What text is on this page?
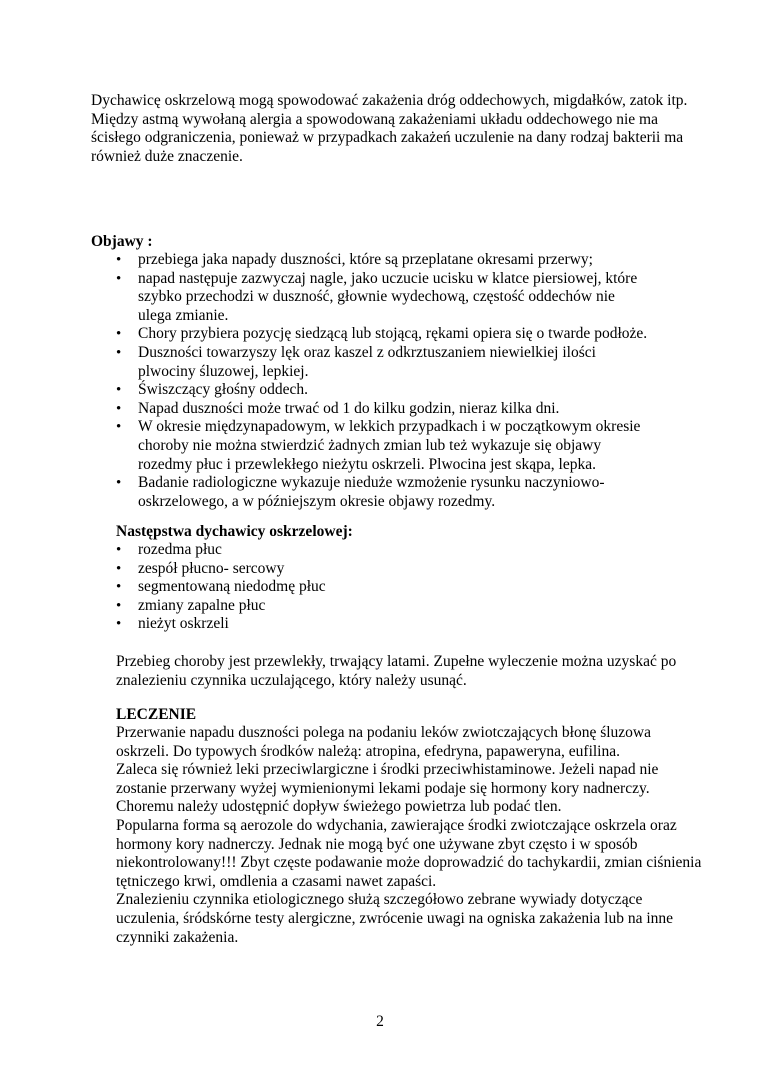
Dychawicę oskrzelową mogą spowodować zakażenia dróg oddechowych, migdałków, zatok itp.

Między astmą wywołaną alergia a spowodowaną zakażeniami układu oddechowego nie ma ścisłego odgraniczenia, ponieważ w przypadkach zakażeń uczulenie na dany rodzaj bakterii ma również duże znaczenie.

Objawy :
• przebiega jaka napady duszności, które są przeplatane okresami przerwy;
• napad następuje zazwyczaj nagle, jako uczucie ucisku w klatce piersiowej, które szybko przechodzi w duszność, głownie wydechową, częstość oddechów nie ulega zmianie.
• Chory przybiera pozycję siedzącą lub stojącą, rękami opiera się o twarde podłoże.
• Duszności towarzyszy lęk oraz kaszel z odkrztuszaniem niewielkiej ilości plwociny śluzowej, lepkiej.
• Świszczący głośny oddech.
• Napad duszności może trwać od 1 do kilku godzin, nieraz kilka dni.
• W okresie międzynapadowym, w lekkich przypadkach i w początkowym okresie choroby nie można stwierdzić żadnych zmian lub też wykazuje się objawy rozedmy płuc i przewlekłego nieżytu oskrzeli. Plwocina jest skąpa, lepka.
• Badanie radiologiczne wykazuje nieduże wzmożenie rysunku naczyniowo-oskrzelowego, a w późniejszym okresie objawy rozedmy.
Następstwa dychawicy oskrzelowej:
• rozedma płuc
• zespół płucno- sercowy
• segmentowaną niedodmę płuc
• zmiany zapalne płuc
• nieżyt oskrzeli

Przebieg choroby jest przewlekły, trwający latami. Zupełne wyleczenie można uzyskać po znalezieniu czynnika uczulającego, który należy usunąć.

LECZENIE

Przerwanie napadu duszności polega na podaniu leków zwiotczających błonę śluzowa oskrzeli. Do typowych środków należą: atropina, efedryna, papaweryna, eufilina.

Zaleca się również leki przeciwlargiczne i środki przeciwhistaminowe. Jeżeli napad nie zostanie przerwany wyżej wymienionymi lekami podaje się hormony kory nadnerczy.

Choremu należy udostępnić dopływ świeżego powietrza lub podać tlen.

Popularna forma są aerozole do wdychania, zawierające środki zwiotczające oskrzela oraz hormony kory nadnerczy. Jednak nie mogą być one używane zbyt często i w sposób niekontrolowany!!! Zbyt częste podawanie może doprowadzić do tachykardii, zmian ciśnienia tętniczego krwi, omdlenia a czasami nawet zapaści.

Znalezieniu czynnika etiologicznego służą szczegółowo zebrane wywiady dotyczące uczulenia, śródskórne testy alergiczne, zwrócenie uwagi na ogniska zakażenia lub na inne czynniki zakażenia.

2
